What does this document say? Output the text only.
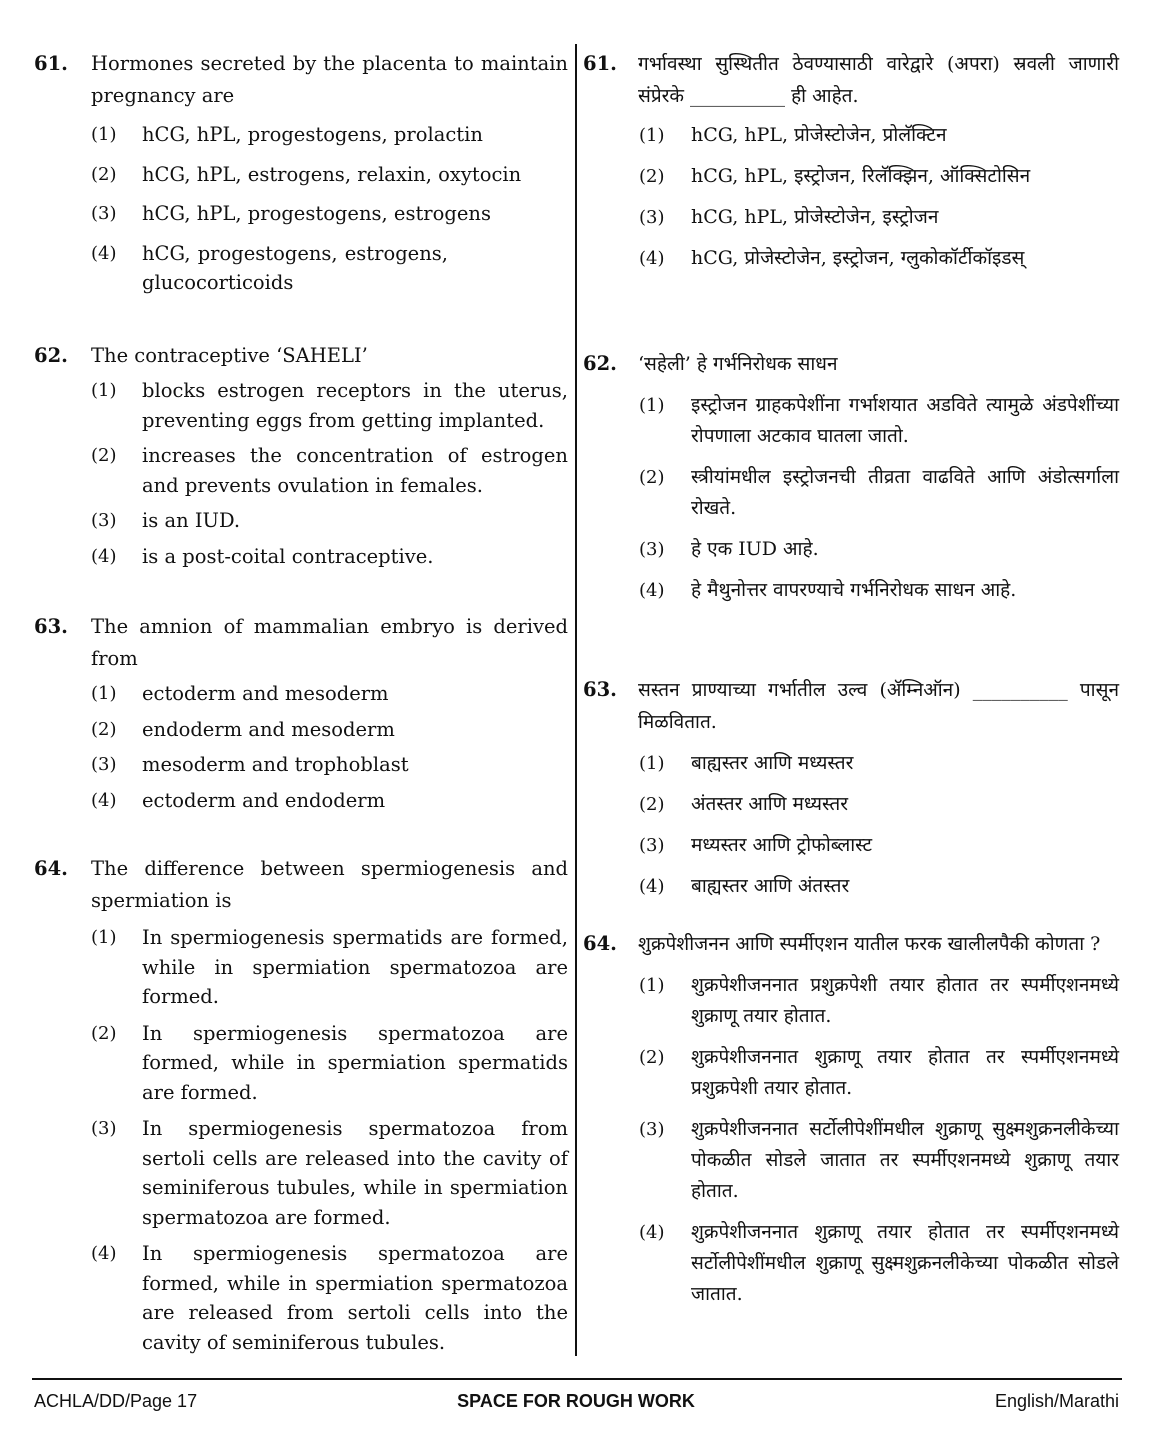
61. Hormones secreted by the placenta to maintain pregnancy are
(1) hCG, hPL, progestogens, prolactin
(2) hCG, hPL, estrogens, relaxin, oxytocin
(3) hCG, hPL, progestogens, estrogens
(4) hCG, progestogens, estrogens, glucocorticoids
62. The contraceptive ‘SAHELI’
(1) blocks estrogen receptors in the uterus, preventing eggs from getting implanted.
(2) increases the concentration of estrogen and prevents ovulation in females.
(3) is an IUD.
(4) is a post-coital contraceptive.
63. The amnion of mammalian embryo is derived from
(1) ectoderm and mesoderm
(2) endoderm and mesoderm
(3) mesoderm and trophoblast
(4) ectoderm and endoderm
64. The difference between spermiogenesis and spermiation is
(1) In spermiogenesis spermatids are formed, while in spermiation spermatozoa are formed.
(2) In spermiogenesis spermatozoa are formed, while in spermiation spermatids are formed.
(3) In spermiogenesis spermatozoa from sertoli cells are released into the cavity of seminiferous tubules, while in spermiation spermatozoa are formed.
(4) In spermiogenesis spermatozoa are formed, while in spermiation spermatozoa are released from sertoli cells into the cavity of seminiferous tubules.
61. गर्भावस्था सुस्थितीत ठेवण्यासाठी वारेद्वारे (अपरा) स्रवली जाणारी संप्रेरके __________ ही आहेत.
(1) hCG, hPL, प्रोजेस्टोजेन, प्रोलॅक्टिन
(2) hCG, hPL, इस्ट्रोजन, रिलॅक्झिन, ऑक्सिटोसिन
(3) hCG, hPL, प्रोजेस्टोजेन, इस्ट्रोजन
(4) hCG, प्रोजेस्टोजेन, इस्ट्रोजन, ग्लुकोकॉर्टीकॉइडस्
62. ‘सहेली’ हे गर्भनिरोधक साधन
(1) इस्ट्रोजन ग्राहकपेशींना गर्भाशयात अडविते त्यामुळे अंडपेशींच्या रोपणाला अटकाव घातला जातो.
(2) स्त्रीयांमधील इस्ट्रोजनची तीव्रता वाढविते आणि अंडोत्सर्गाला रोखते.
(3) हे एक IUD आहे.
(4) हे मैथुनोत्तर वापरण्याचे गर्भनिरोधक साधन आहे.
63. सस्तन प्राण्याच्या गर्भातील उल्व (ॲम्निऑन) __________ पासून मिळवितात.
(1) बाह्यस्तर आणि मध्यस्तर
(2) अंतस्तर आणि मध्यस्तर
(3) मध्यस्तर आणि ट्रोफोब्लास्ट
(4) बाह्यस्तर आणि अंतस्तर
64. शुक्रपेशीजनन आणि स्पर्मीएशन यातील फरक खालीलपैकी कोणता ?
(1) शुक्रपेशीजननात प्रशुक्रपेशी तयार होतात तर स्पर्मीएशनमध्ये शुक्राणू तयार होतात.
(2) शुक्रपेशीजननात शुक्राणू तयार होतात तर स्पर्मीएशनमध्ये प्रशुक्रपेशी तयार होतात.
(3) शुक्रपेशीजननात सर्टोलीपेशींमधील शुक्राणू सुक्ष्मशुक्रनलीकेच्या पोकळीत सोडले जातात तर स्पर्मीएशनमध्ये शुक्राणू तयार होतात.
(4) शुक्रपेशीजननात शुक्राणू तयार होतात तर स्पर्मीएशनमध्ये सर्टोलीपेशींमधील शुक्राणू सुक्ष्मशुक्रनलीकेच्या पोकळीत सोडले जातात.
SPACE FOR ROUGH WORK
ACHLA/DD/Page 17	English/Marathi
